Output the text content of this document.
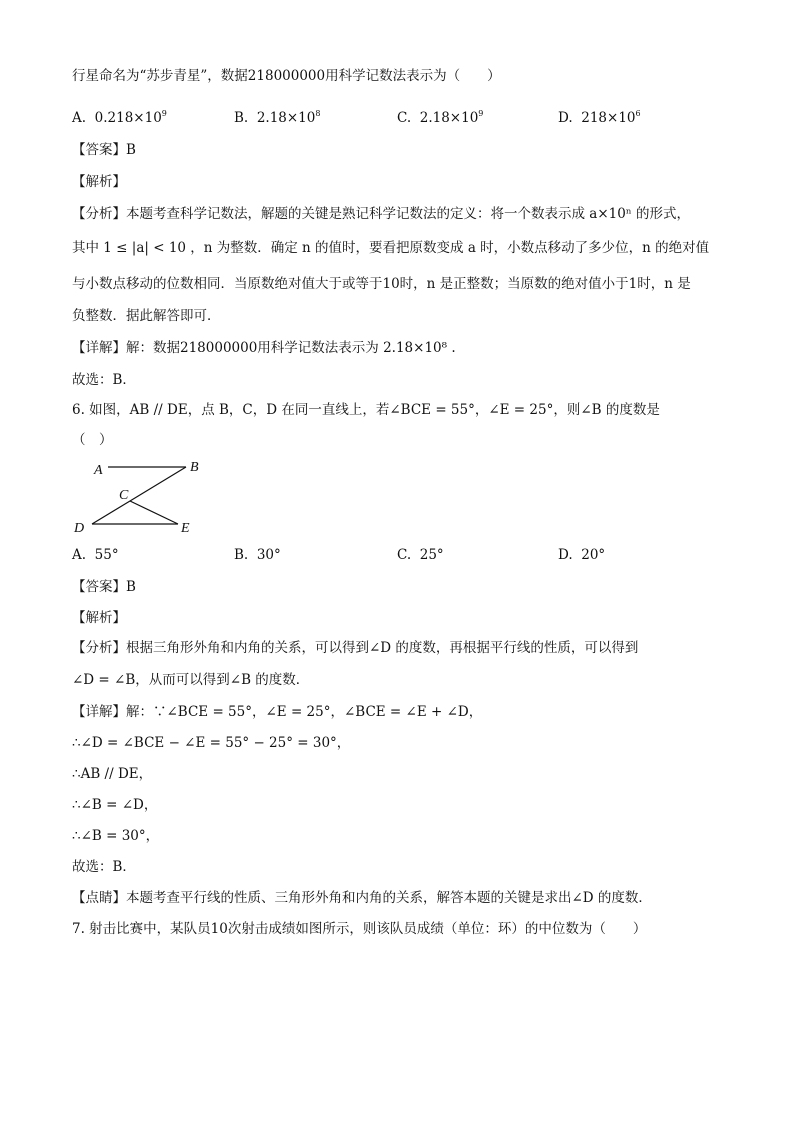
行星命名为“苏步青星”，数据218000000用科学记数法表示为（　　）
A. $0.218\times 10^9$	B. $2.18\times 10^8$	C. $2.18\times 10^9$	D. $218\times 10^6$
【答案】B
【解析】
【分析】本题考查科学记数法，解题的关键是熟记科学记数法的定义：将一个数表示成 a×10ⁿ 的形式，
其中 1 ≤ |a| < 10 ，n 为整数．确定 n 的值时，要看把原数变成 a 时，小数点移动了多少位，n 的绝对值
与小数点移动的位数相同．当原数绝对值大于或等于10时，n 是正整数；当原数的绝对值小于1时，n 是
负整数．据此解答即可．
【详解】解：数据218000000用科学记数法表示为 2.18×10⁸ .
故选：B．
6. 如图，AB // DE，点 B，C，D 在同一直线上，若∠BCE = 55°，∠E = 25°，则∠B 的度数是
（　）
A	B
C
D	E
A. 55°	B. 30°	C. 25°	D. 20°
【答案】B
【解析】
【分析】根据三角形外角和内角的关系，可以得到∠D 的度数，再根据平行线的性质，可以得到
∠D = ∠B，从而可以得到∠B 的度数．
【详解】解：∵∠BCE = 55°，∠E = 25°，∠BCE = ∠E + ∠D，
∴∠D = ∠BCE − ∠E = 55° − 25° = 30°，
∴AB // DE，
∴∠B = ∠D，
∴∠B = 30°，
故选：B．
【点睛】本题考查平行线的性质、三角形外角和内角的关系，解答本题的关键是求出∠D 的度数．
7. 射击比赛中，某队员10次射击成绩如图所示，则该队员成绩（单位：环）的中位数为（　　）
